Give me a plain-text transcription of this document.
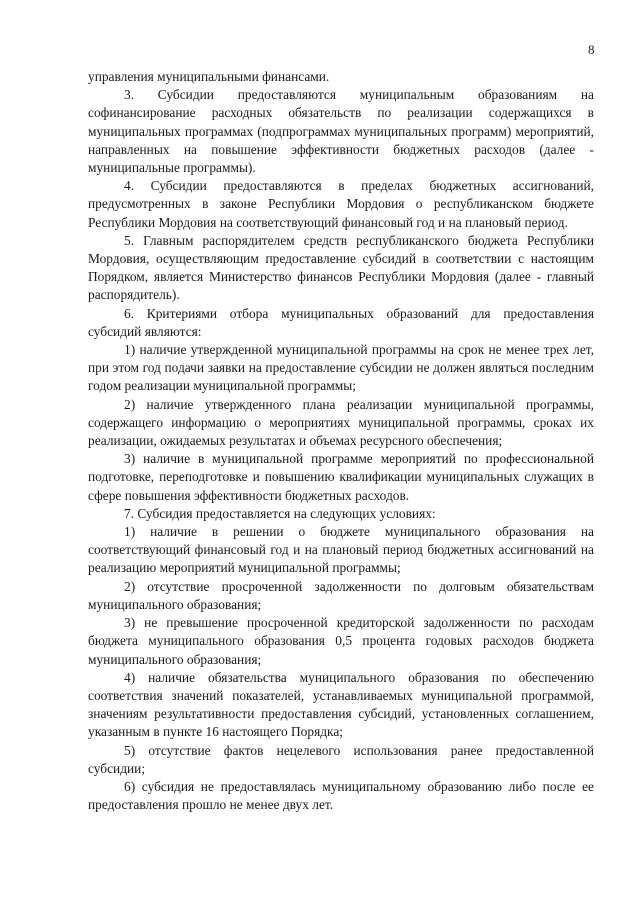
8

управления муниципальными финансами.

3. Субсидии предоставляются муниципальным образованиям на софинансирование расходных обязательств по реализации содержащихся в муниципальных программах (подпрограммах муниципальных программ) мероприятий, направленных на повышение эффективности бюджетных расходов (далее - муниципальные программы).

4. Субсидии предоставляются в пределах бюджетных ассигнований, предусмотренных в законе Республики Мордовия о республиканском бюджете Республики Мордовия на соответствующий финансовый год и на плановый период.

5. Главным распорядителем средств республиканского бюджета Республики Мордовия, осуществляющим предоставление субсидий в соответствии с настоящим Порядком, является Министерство финансов Республики Мордовия (далее - главный распорядитель).

6. Критериями отбора муниципальных образований для предоставления субсидий являются:

1) наличие утвержденной муниципальной программы на срок не менее трех лет, при этом год подачи заявки на предоставление субсидии не должен являться последним годом реализации муниципальной программы;

2) наличие утвержденного плана реализации муниципальной программы, содержащего информацию о мероприятиях муниципальной программы, сроках их реализации, ожидаемых результатах и объемах ресурсного обеспечения;

3) наличие в муниципальной программе мероприятий по профессиональной подготовке, переподготовке и повышению квалификации муниципальных служащих в сфере повышения эффективности бюджетных расходов.

7. Субсидия предоставляется на следующих условиях:

1) наличие в решении о бюджете муниципального образования на соответствующий финансовый год и на плановый период бюджетных ассигнований на реализацию мероприятий муниципальной программы;

2) отсутствие просроченной задолженности по долговым обязательствам муниципального образования;

3) не превышение просроченной кредиторской задолженности по расходам бюджета муниципального образования 0,5 процента годовых расходов бюджета муниципального образования;

4) наличие обязательства муниципального образования по обеспечению соответствия значений показателей, устанавливаемых муниципальной программой, значениям результативности предоставления субсидий, установленных соглашением, указанным в пункте 16 настоящего Порядка;

5) отсутствие фактов нецелевого использования ранее предоставленной субсидии;

6) субсидия не предоставлялась муниципальному образованию либо после ее предоставления прошло не менее двух лет.
